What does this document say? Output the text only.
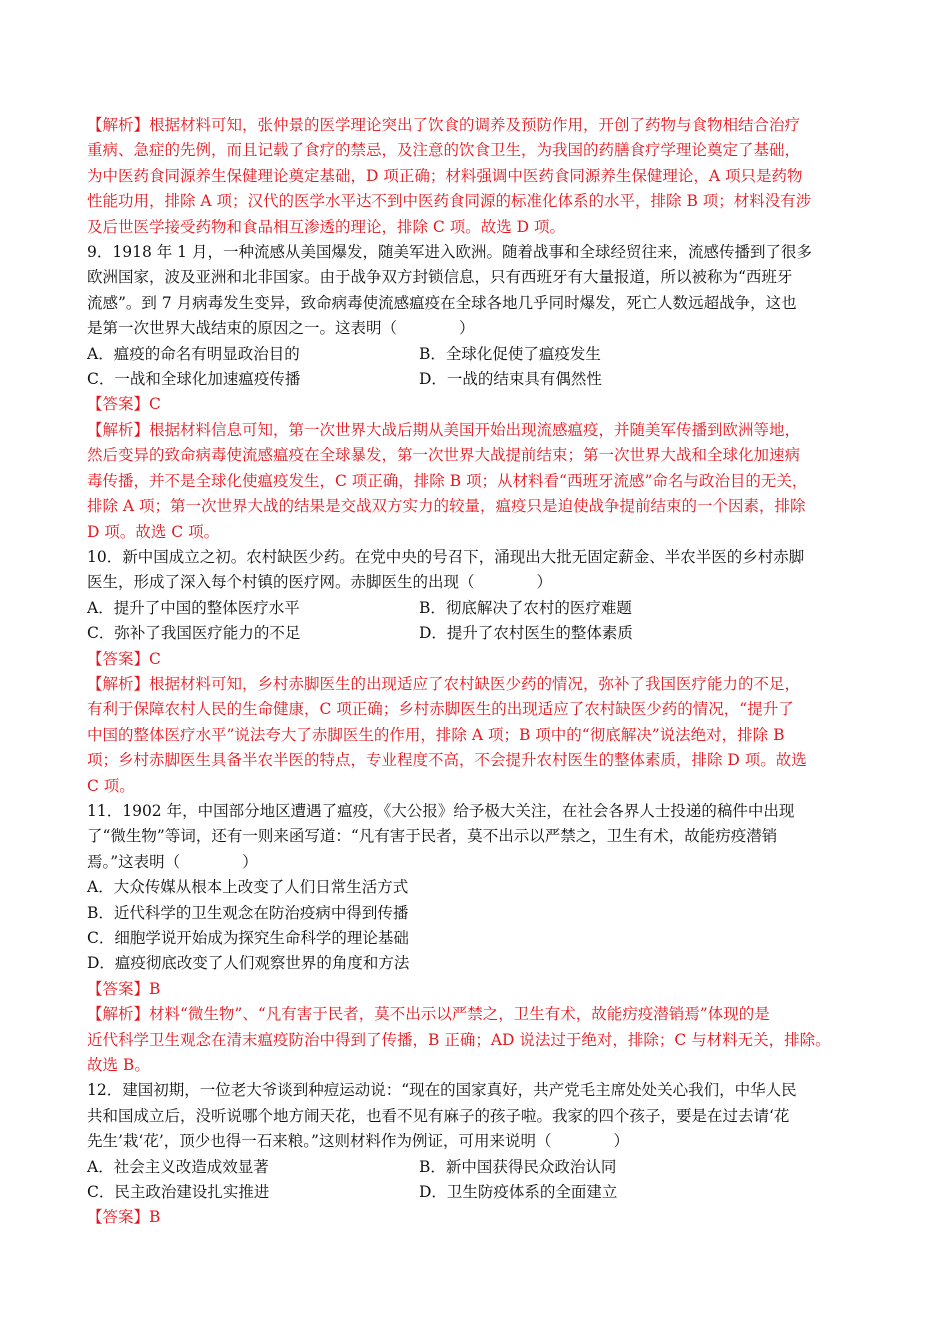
【解析】根据材料可知，张仲景的医学理论突出了饮食的调养及预防作用，开创了药物与食物相结合治疗
重病、急症的先例，而且记载了食疗的禁忌，及注意的饮食卫生，为我国的药膳食疗学理论奠定了基础，
为中医药食同源养生保健理论奠定基础，D 项正确；材料强调中医药食同源养生保健理论，A 项只是药物
性能功用，排除 A 项；汉代的医学水平达不到中医药食同源的标准化体系的水平，排除 B 项；材料没有涉
及后世医学接受药物和食品相互渗透的理论，排除 C 项。故选 D 项。
9．1918 年 1 月，一种流感从美国爆发，随美军进入欧洲。随着战事和全球经贸往来，流感传播到了很多
欧洲国家，波及亚洲和北非国家。由于战争双方封锁信息，只有西班牙有大量报道，所以被称为“西班牙
流感”。到 7 月病毒发生变异，致命病毒使流感瘟疫在全球各地几乎同时爆发，死亡人数远超战争，这也
是第一次世界大战结束的原因之一。这表明（　　　　）
A．瘟疫的命名有明显政治目的	B．全球化促使了瘟疫发生
C．一战和全球化加速瘟疫传播	D．一战的结束具有偶然性
【答案】C
【解析】根据材料信息可知，第一次世界大战后期从美国开始出现流感瘟疫，并随美军传播到欧洲等地，
然后变异的致命病毒使流感瘟疫在全球暴发，第一次世界大战提前结束；第一次世界大战和全球化加速病
毒传播，并不是全球化使瘟疫发生，C 项正确，排除 B 项；从材料看“西班牙流感”命名与政治目的无关，
排除 A 项；第一次世界大战的结果是交战双方实力的较量，瘟疫只是迫使战争提前结束的一个因素，排除
D 项。故选 C 项。
10．新中国成立之初。农村缺医少药。在党中央的号召下，涌现出大批无固定薪金、半农半医的乡村赤脚
医生，形成了深入每个村镇的医疗网。赤脚医生的出现（　　　　）
A．提升了中国的整体医疗水平	B．彻底解决了农村的医疗难题
C．弥补了我国医疗能力的不足	D．提升了农村医生的整体素质
【答案】C
【解析】根据材料可知，乡村赤脚医生的出现适应了农村缺医少药的情况，弥补了我国医疗能力的不足，
有利于保障农村人民的生命健康，C 项正确；乡村赤脚医生的出现适应了农村缺医少药的情况，“提升了
中国的整体医疗水平”说法夸大了赤脚医生的作用，排除 A 项；B 项中的“彻底解决”说法绝对，排除 B
项；乡村赤脚医生具备半农半医的特点，专业程度不高，不会提升农村医生的整体素质，排除 D 项。故选
C 项。
11．1902 年，中国部分地区遭遇了瘟疫，《大公报》给予极大关注，在社会各界人士投递的稿件中出现
了“微生物”等词，还有一则来函写道：“凡有害于民者，莫不出示以严禁之，卫生有术，故能疠疫潜销
焉。”这表明（　　　　）
A．大众传媒从根本上改变了人们日常生活方式
B．近代科学的卫生观念在防治疫病中得到传播
C．细胞学说开始成为探究生命科学的理论基础
D．瘟疫彻底改变了人们观察世界的角度和方法
【答案】B
【解析】材料“微生物”、“凡有害于民者，莫不出示以严禁之，卫生有术，故能疠疫潜销焉”体现的是
近代科学卫生观念在清末瘟疫防治中得到了传播，B 正确；AD 说法过于绝对，排除；C 与材料无关，排除。
故选 B。
12．建国初期，一位老大爷谈到种痘运动说：“现在的国家真好，共产党毛主席处处关心我们，中华人民
共和国成立后，没听说哪个地方闹天花，也看不见有麻子的孩子啦。我家的四个孩子，要是在过去请‘花
先生’栽‘花’，顶少也得一石来粮。”这则材料作为例证，可用来说明（　　　　）
A．社会主义改造成效显著	B．新中国获得民众政治认同
C．民主政治建设扎实推进	D．卫生防疫体系的全面建立
【答案】B
